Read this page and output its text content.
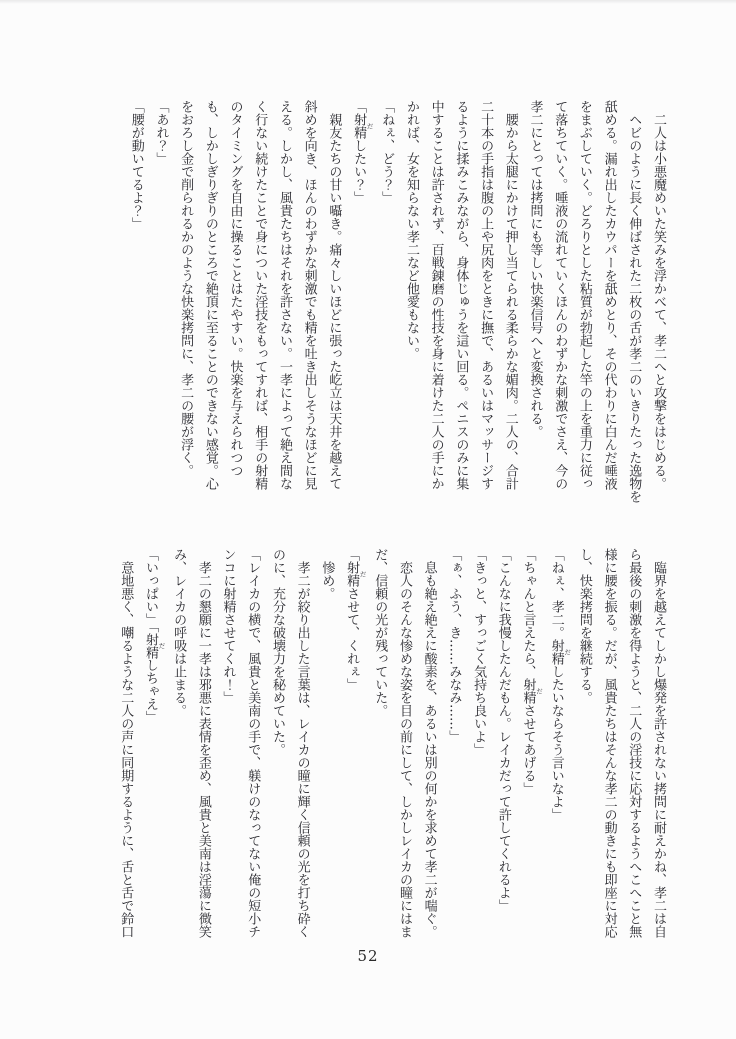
　二人は小悪魔めいた笑みを浮かべて、孝二へと攻撃をはじめる。
　ヘビのように長く伸ばされた二枚の舌が孝二のいきりたった逸物を
舐める。漏れ出したカウパーを舐めとり、その代わりに白んだ唾液
をまぶしていく。どろりとした粘質が勃起した竿の上を重力に従っ
て落ちていく。唾液の流れていくほんのわずかな刺激でさえ、今の
孝二にとっては拷問にも等しい快楽信号へと変換される。
　腰から太腿にかけて押し当てられる柔らかな媚肉。二人の、合計
二十本の手指は腹の上や尻肉をときに撫で、あるいはマッサージす
るように揉みこみながら、身体じゅうを這い回る。ペニスのみに集
中することは許されず、百戦錬磨の性技を身に着けた二人の手にか
かれば、女を知らない孝二など他愛もない。
「ねぇ、どう？」
「射精 だしたい？」
　親友たちの甘い囁き。痛々しいほどに張った屹立は天井を越えて
斜めを向き、ほんのわずかな刺激でも精を吐き出しそうなほどに見
える。しかし、風貴たちはそれを許さない。一孝によって絶え間な
く行ない続けたことで身についた淫技をもってすれば、相手の射精
のタイミングを自由に操ることはたやすい。快楽を与えられつつ
も、しかしぎりぎりのところで絶頂に至ることのできない感覚。心
をおろし金で削られるかのような快楽拷問に、孝二の腰が浮く。
「あれ？」
「腰が動いてるよ？」
　臨界を越えてしかし爆発を許されない拷問に耐えかね、孝二は自
ら最後の刺激を得ようと、二人の淫技に応対するようへこへこと無
様に腰を振る。だが、風貴たちはそんな孝二の動きにも即座に対応
し、快楽拷問を継続する。
「ねぇ、孝二。射精 だしたいならそう言いなよ」
「ちゃんと言えたら、射精 ださせてあげる」
「こんなに我慢したんだもん。レイカだって許してくれるよ」
「きっと、すっごく気持ち良いよ」
「ぁ、ふう、き……みなみ……」
　息も絶え絶えに酸素を、あるいは別の何かを求めて孝二が喘ぐ。
　恋人のそんな惨めな姿を目の前にして、しかしレイカの瞳にはま
だ、信頼の光が残っていた。
「射精 ださせて、くれぇ」
　惨め。
　孝二が絞り出した言葉は、レイカの瞳に輝く信頼の光を打ち砕く
のに、充分な破壊力を秘めていた。
「レイカの横で、風貴と美南の手で、躾けのなってない俺の短小チ
ンコに射精させてくれ！」
　孝二の懇願に一孝は邪悪に表情を歪め、風貴と美南は淫蕩に微笑
み、レイカの呼吸は止まる。
「いっぱい」「射精 だしちゃえ」
　意地悪く、嘲るような二人の声に同期するように、舌と舌で鈴口
52
